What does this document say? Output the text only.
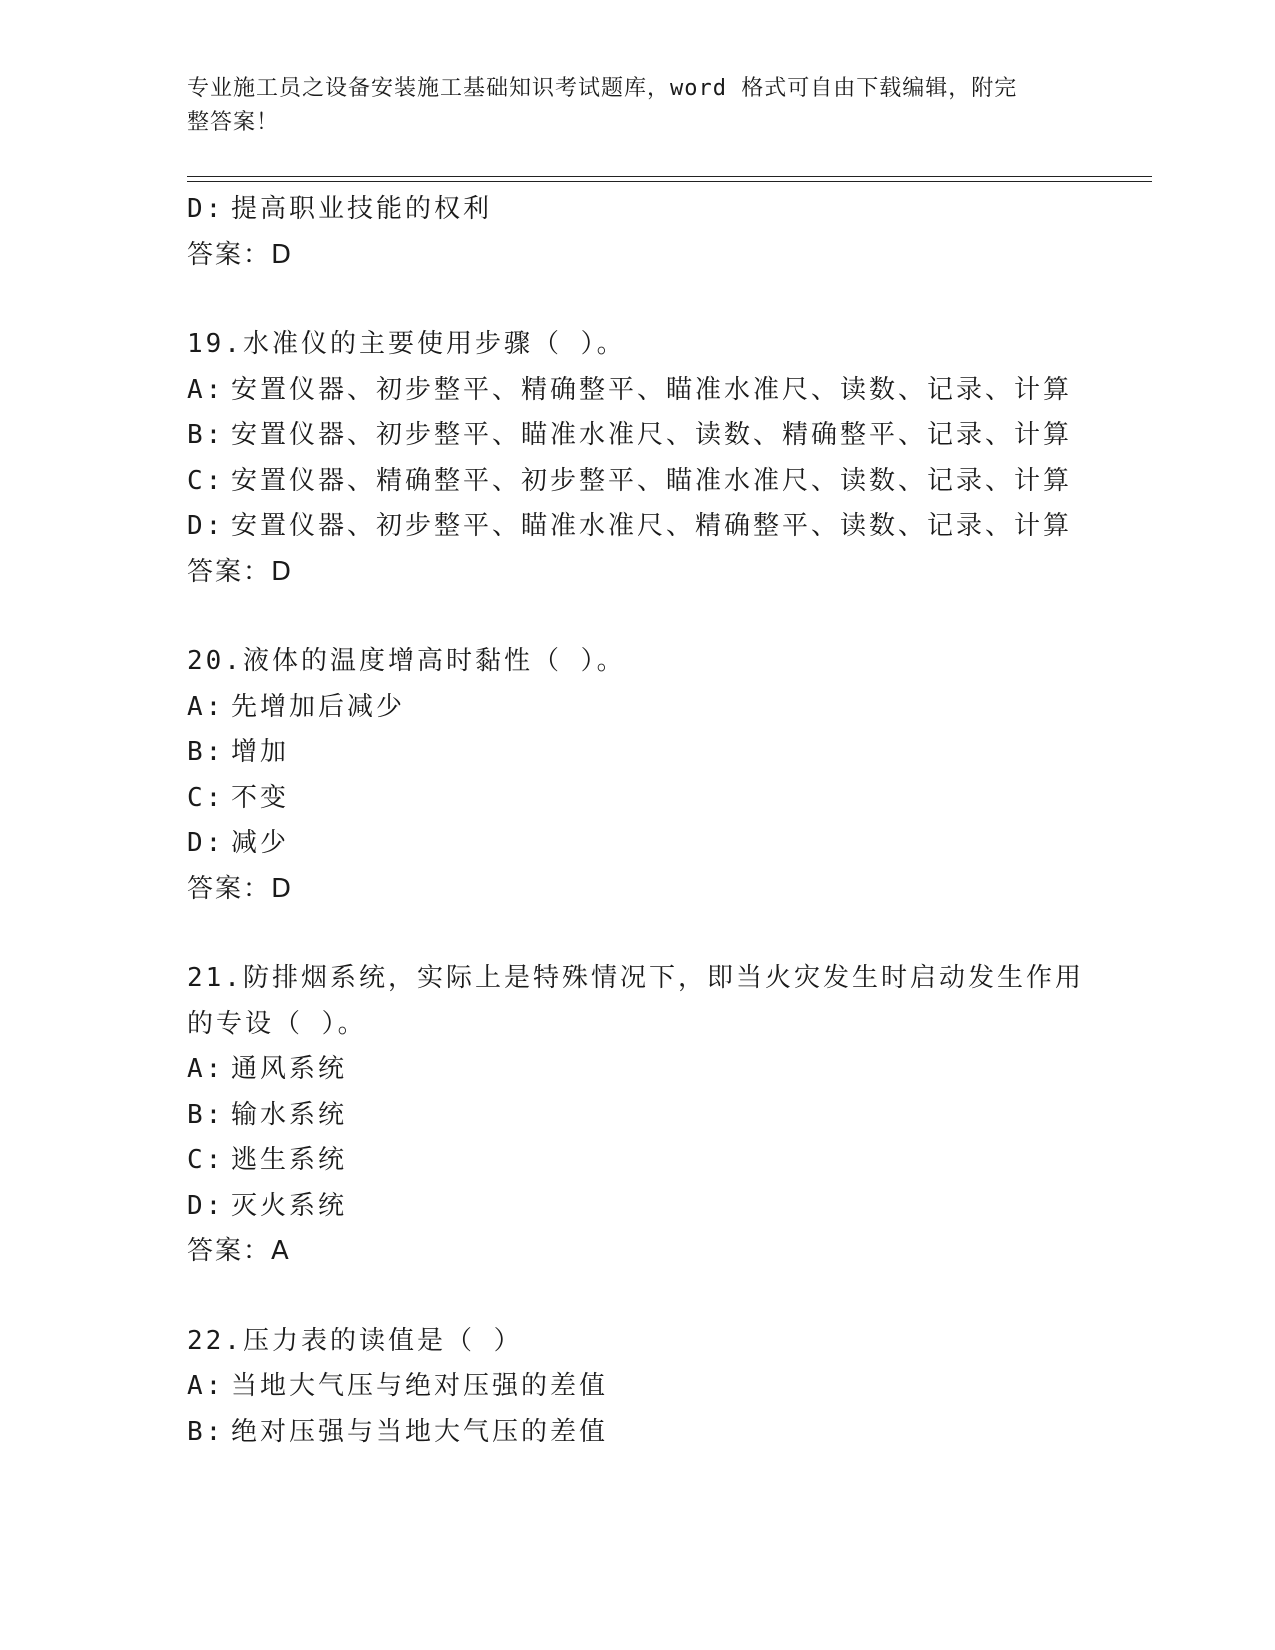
专业施工员之设备安装施工基础知识考试题库，word 格式可自由下载编辑，附完
整答案！
D: 提高职业技能的权利
答案：D
19.水准仪的主要使用步骤（ ）。
A: 安置仪器、初步整平、精确整平、瞄准水准尺、读数、记录、计算
B: 安置仪器、初步整平、瞄准水准尺、读数、精确整平、记录、计算
C: 安置仪器、精确整平、初步整平、瞄准水准尺、读数、记录、计算
D: 安置仪器、初步整平、瞄准水准尺、精确整平、读数、记录、计算
答案：D
20.液体的温度增高时黏性（ ）。
A: 先增加后减少
B: 增加
C: 不变
D: 减少
答案：D
21.防排烟系统，实际上是特殊情况下，即当火灾发生时启动发生作用
的专设（ ）。
A: 通风系统
B: 输水系统
C: 逃生系统
D: 灭火系统
答案：A
22.压力表的读值是（ ）
A: 当地大气压与绝对压强的差值
B: 绝对压强与当地大气压的差值
